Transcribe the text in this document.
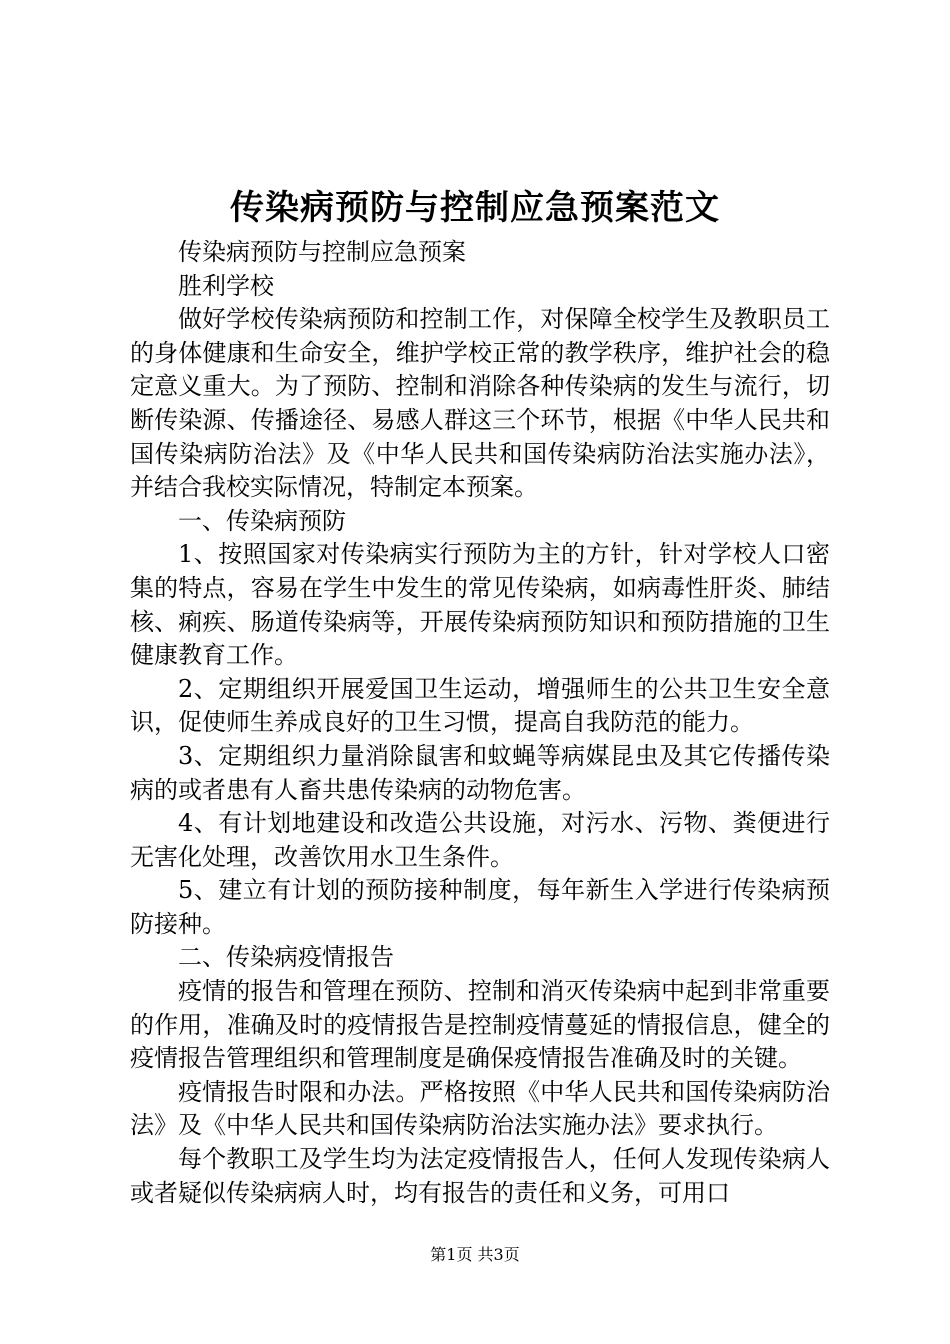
传染病预防与控制应急预案范文

传染病预防与控制应急预案

胜利学校

做好学校传染病预防和控制工作，对保障全校学生及教职员工的身体健康和生命安全，维护学校正常的教学秩序，维护社会的稳定意义重大。为了预防、控制和消除各种传染病的发生与流行，切断传染源、传播途径、易感人群这三个环节，根据《中华人民共和国传染病防治法》及《中华人民共和国传染病防治法实施办法》，并结合我校实际情况，特制定本预案。

一、传染病预防

1、按照国家对传染病实行预防为主的方针，针对学校人口密集的特点，容易在学生中发生的常见传染病，如病毒性肝炎、肺结核、痢疾、肠道传染病等，开展传染病预防知识和预防措施的卫生健康教育工作。

2、定期组织开展爱国卫生运动，增强师生的公共卫生安全意识，促使师生养成良好的卫生习惯，提高自我防范的能力。

3、定期组织力量消除鼠害和蚊蝇等病媒昆虫及其它传播传染病的或者患有人畜共患传染病的动物危害。

4、有计划地建设和改造公共设施，对污水、污物、粪便进行无害化处理，改善饮用水卫生条件。

5、建立有计划的预防接种制度，每年新生入学进行传染病预防接种。

二、传染病疫情报告

疫情的报告和管理在预防、控制和消灭传染病中起到非常重要的作用，准确及时的疫情报告是控制疫情蔓延的情报信息，健全的疫情报告管理组织和管理制度是确保疫情报告准确及时的关键。

疫情报告时限和办法。严格按照《中华人民共和国传染病防治法》及《中华人民共和国传染病防治法实施办法》要求执行。

每个教职工及学生均为法定疫情报告人，任何人发现传染病人或者疑似传染病病人时，均有报告的责任和义务，可用口

第1页 共3页
